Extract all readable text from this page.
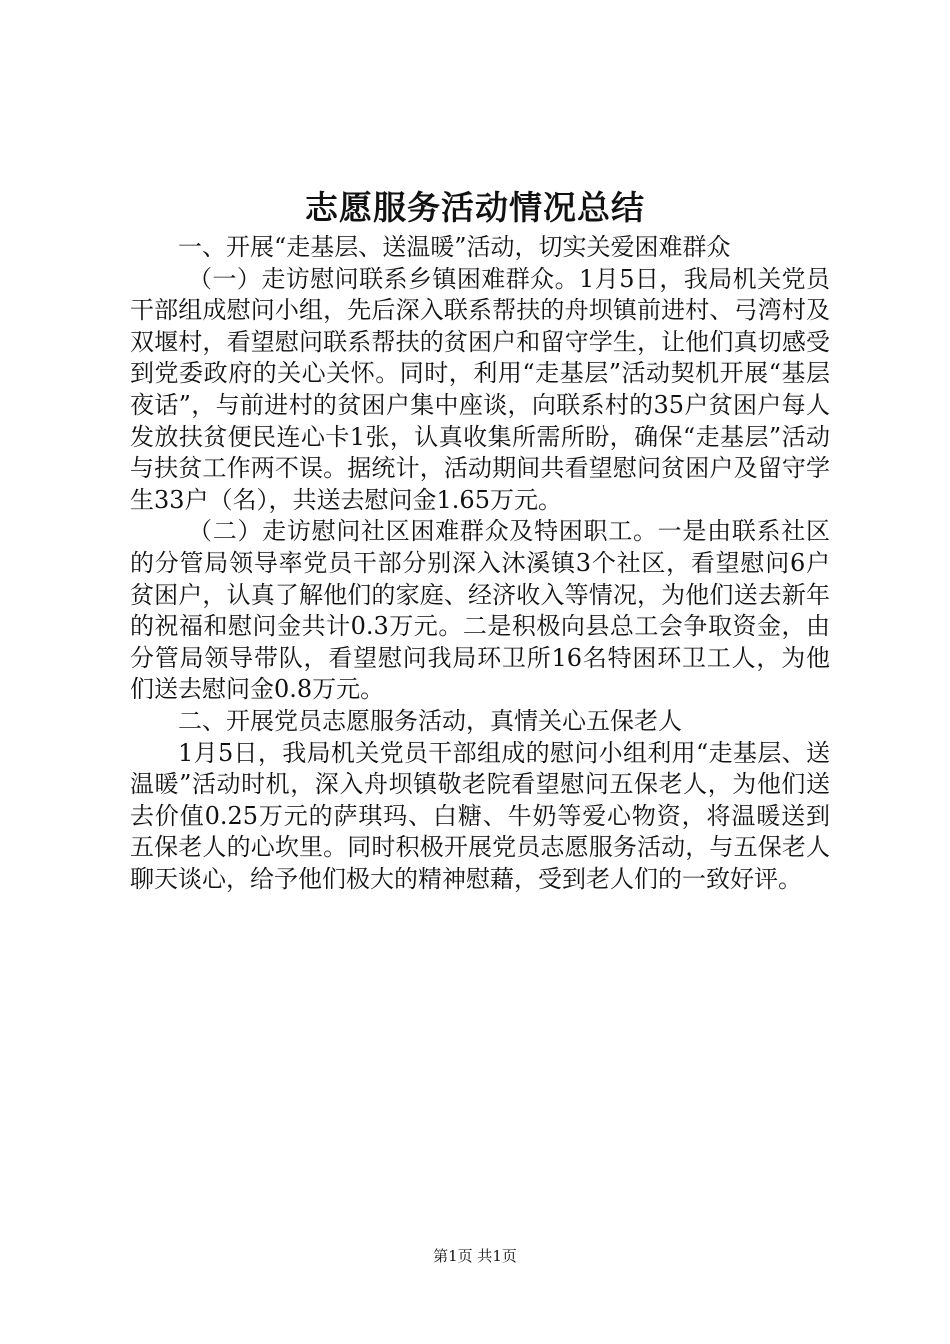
志愿服务活动情况总结

一、开展“走基层、送温暖”活动，切实关爱困难群众

（一）走访慰问联系乡镇困难群众。1月5日，我局机关党员干部组成慰问小组，先后深入联系帮扶的舟坝镇前进村、弓湾村及双堰村，看望慰问联系帮扶的贫困户和留守学生，让他们真切感受到党委政府的关心关怀。同时，利用“走基层”活动契机开展“基层夜话”，与前进村的贫困户集中座谈，向联系村的35户贫困户每人发放扶贫便民连心卡1张，认真收集所需所盼，确保“走基层”活动与扶贫工作两不误。据统计，活动期间共看望慰问贫困户及留守学生33户（名），共送去慰问金1.65万元。

（二）走访慰问社区困难群众及特困职工。一是由联系社区的分管局领导率党员干部分别深入沐溪镇3个社区，看望慰问6户贫困户，认真了解他们的家庭、经济收入等情况，为他们送去新年的祝福和慰问金共计0.3万元。二是积极向县总工会争取资金，由分管局领导带队，看望慰问我局环卫所16名特困环卫工人，为他们送去慰问金0.8万元。

二、开展党员志愿服务活动，真情关心五保老人

1月5日，我局机关党员干部组成的慰问小组利用“走基层、送温暖”活动时机，深入舟坝镇敬老院看望慰问五保老人，为他们送去价值0.25万元的萨琪玛、白糖、牛奶等爱心物资，将温暖送到五保老人的心坎里。同时积极开展党员志愿服务活动，与五保老人聊天谈心，给予他们极大的精神慰藉，受到老人们的一致好评。

第1页 共1页
